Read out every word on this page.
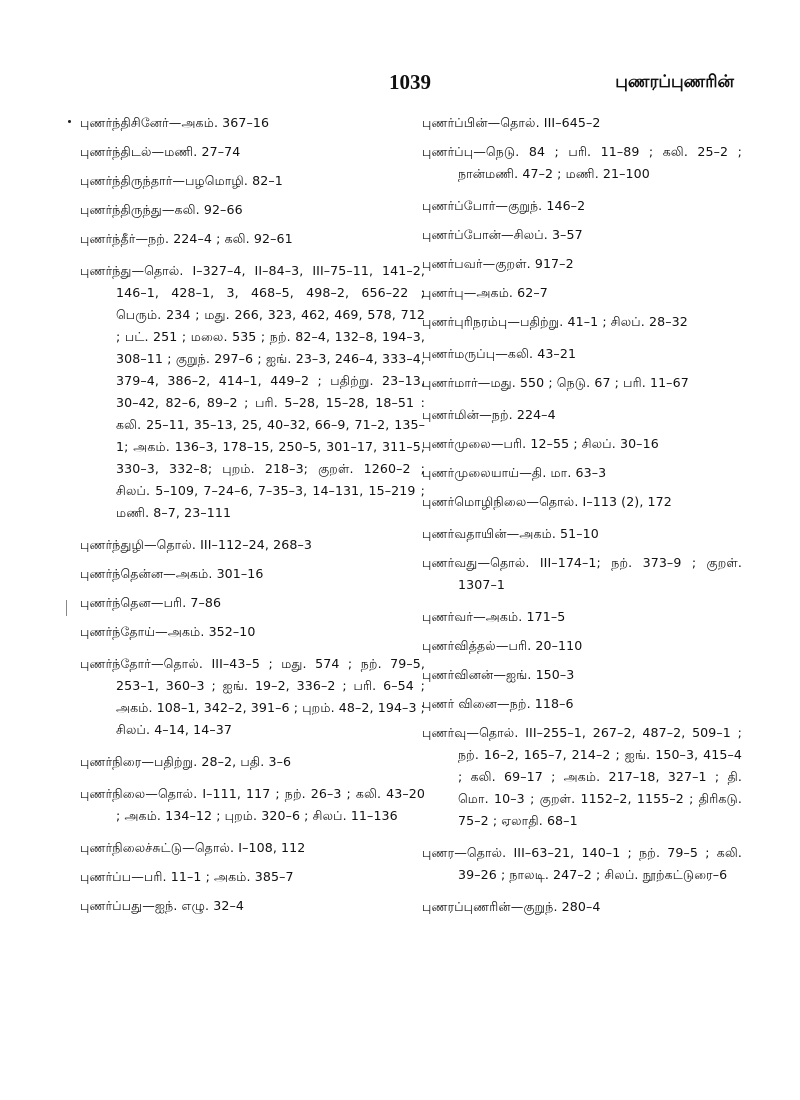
1039	புணரப்புணரின்
புணர்ந்திசினேர்—அகம். 367–16
புணர்ந்திடல்—மணி. 27–74
புணர்ந்திருந்தார்—பழமொழி. 82–1
புணர்ந்திருந்து—கலி. 92–66
புணர்ந்தீர்—நற். 224–4 ; கலி. 92–61
புணர்ந்து—தொல். I–327–4, II–84–3, III–75–11, 141–2, 146–1, 428–1, 3, 468–5, 498–2, 656–22 ; பெரும். 234 ; மது. 266, 323, 462, 469, 578, 712 ; பட். 251 ; மலை. 535 ; நற். 82–4, 132–8, 194–3, 308–11 ; குறுந். 297–6 ; ஐங். 23–3, 246–4, 333–4, 379–4, 386–2, 414–1, 449–2 ; பதிற்று. 23–13, 30–42, 82–6, 89–2 ; பரி. 5–28, 15–28, 18–51 : கலி. 25–11, 35–13, 25, 40–32, 66–9, 71–2, 135–1; அகம். 136–3, 178–15, 250–5, 301–17, 311–5, 330–3, 332–8; புறம். 218–3; குறள். 1260–2 ; சிலப். 5–109, 7–24–6, 7–35–3, 14–131, 15–219 ; மணி. 8–7, 23–111
புணர்ந்துழி—தொல். III–112–24, 268–3
புணர்ந்தென்ன—அகம். 301–16
புணர்ந்தென—பரி. 7–86
புணர்ந்தோய்—அகம். 352–10
புணர்ந்தோர்—தொல். III–43–5 ; மது. 574 ; நற். 79–5, 253–1, 360–3 ; ஐங். 19–2, 336–2 ; பரி. 6–54 ; அகம். 108–1, 342–2, 391–6 ; புறம். 48–2, 194–3 ; சிலப். 4–14, 14–37
புணர்நிரை—பதிற்று. 28–2, பதி. 3–6
புணர்நிலை—தொல். I–111, 117 ; நற். 26–3 ; கலி. 43–20 ; அகம். 134–12 ; புறம். 320–6 ; சிலப். 11–136
புணர்நிலைச்சுட்டு—தொல். I–108, 112
புணர்ப்ப—பரி. 11–1 ; அகம். 385–7
புணர்ப்பது—ஐந். எழு. 32–4
புணர்ப்பின்—தொல். III–645–2
புணர்ப்பு—நெடு. 84 ; பரி. 11–89 ; கலி. 25–2 ; நான்மணி. 47–2 ; மணி. 21–100
புணர்ப்போர்—குறுந். 146–2
புணர்ப்போன்—சிலப். 3–57
புணர்பவர்—குறள். 917–2
புணர்பு—அகம். 62–7
புணர்புரிநரம்பு—பதிற்று. 41–1 ; சிலப். 28–32
புணர்மருப்பு—கலி. 43–21
புணர்மார்—மது. 550 ; நெடு. 67 ; பரி. 11–67
புணர்மின்—நற். 224–4
புணர்முலை—பரி. 12–55 ; சிலப். 30–16
புணர்முலையாய்—தி. மா. 63–3
புணர்மொழிநிலை—தொல். I–113 (2), 172
புணர்வதாயின்—அகம். 51–10
புணர்வது—தொல். III–174–1; நற். 373–9 ; குறள். 1307–1
புணர்வர்—அகம். 171–5
புணர்வித்தல்—பரி. 20–110
புணர்வினன்—ஐங். 150–3
புணர் வினை—நற். 118–6
புணர்வு—தொல். III–255–1, 267–2, 487–2, 509–1 ; நற். 16–2, 165–7, 214–2 ; ஐங். 150–3, 415–4 ; கலி. 69–17 ; அகம். 217–18, 327–1 ; தி. மொ. 10–3 ; குறள். 1152–2, 1155–2 ; திரிகடு. 75–2 ; ஏலாதி. 68–1
புணர—தொல். III–63–21, 140–1 ; நற். 79–5 ; கலி. 39–26 ; நாலடி. 247–2 ; சிலப். நூற்கட்டுரை–6
புணரப்புணரின்—குறுந். 280–4
